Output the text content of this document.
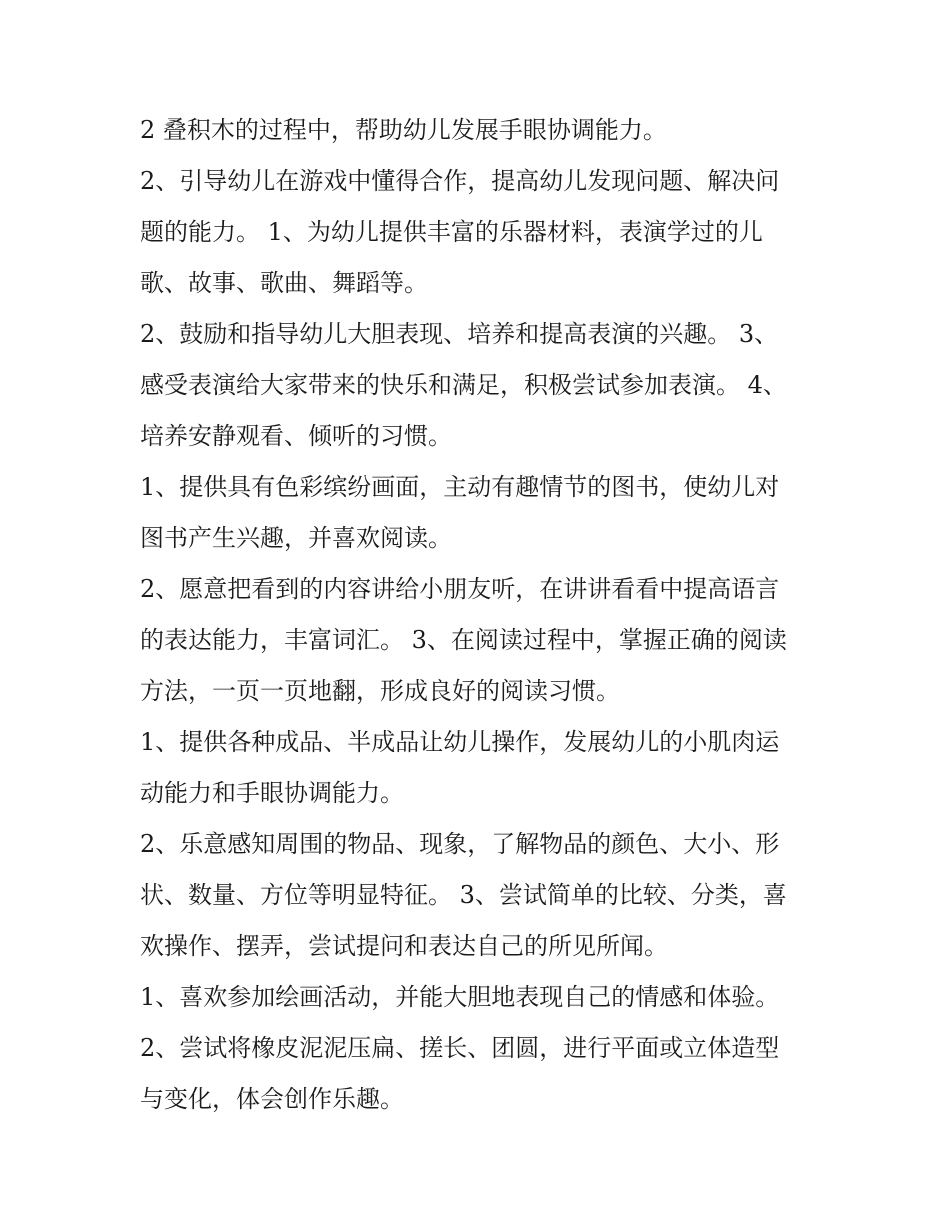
2 叠积木的过程中，帮助幼儿发展手眼协调能力。
2、引导幼儿在游戏中懂得合作，提高幼儿发现问题、解决问
题的能力。 1、为幼儿提供丰富的乐器材料，表演学过的儿
歌、故事、歌曲、舞蹈等。
2、鼓励和指导幼儿大胆表现、培养和提高表演的兴趣。 3、
感受表演给大家带来的快乐和满足，积极尝试参加表演。 4、
培养安静观看、倾听的习惯。
1、提供具有色彩缤纷画面，主动有趣情节的图书，使幼儿对
图书产生兴趣，并喜欢阅读。
2、愿意把看到的内容讲给小朋友听，在讲讲看看中提高语言
的表达能力，丰富词汇。 3、在阅读过程中，掌握正确的阅读
方法，一页一页地翻，形成良好的阅读习惯。
1、提供各种成品、半成品让幼儿操作，发展幼儿的小肌肉运
动能力和手眼协调能力。
2、乐意感知周围的物品、现象，了解物品的颜色、大小、形
状、数量、方位等明显特征。 3、尝试简单的比较、分类，喜
欢操作、摆弄，尝试提问和表达自己的所见所闻。
1、喜欢参加绘画活动，并能大胆地表现自己的情感和体验。
2、尝试将橡皮泥泥压扁、搓长、团圆，进行平面或立体造型
与变化，体会创作乐趣。
